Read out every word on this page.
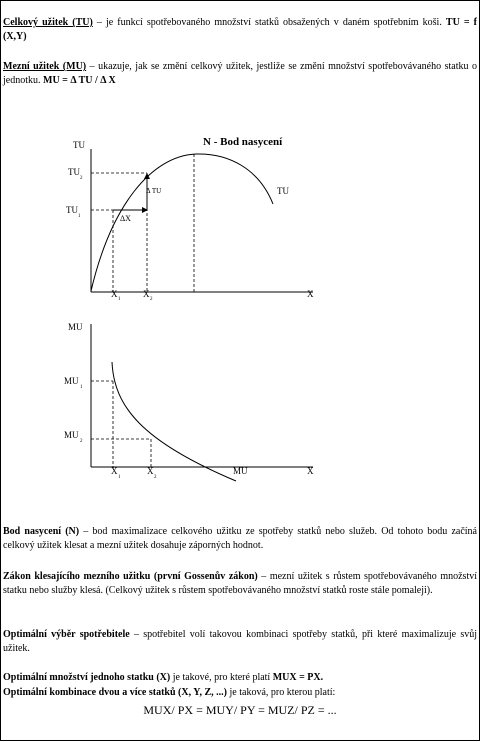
Celkový užitek (TU) – je funkcí spotřebovaného množství statků obsažených v daném spotřebním koši. TU = f (X,Y)
Mezní užitek (MU) – ukazuje, jak se změní celkový užitek, jestliže se změní množství spotřebovávaného statku o jednotku. MU = Δ TU / Δ X
N - Bod nasycení
TU
X
TU
TU
2
TU
1
X
1
X
2
Δ TU
ΔX
MU
X
MU
MU
1
MU
2
X
1
X
2
Bod nasycení (N) – bod maximalizace celkového užitku ze spotřeby statků nebo služeb. Od tohoto bodu začíná celkový užitek klesat a mezní užitek dosahuje záporných hodnot.
Zákon klesajícího mezního užitku (první Gossenův zákon) – mezní užitek s růstem spotřebovávaného množství statku nebo služby klesá. (Celkový užitek s růstem spotřebovávaného množství statků roste stále pomaleji).
Optimální výběr spotřebitele – spotřebitel volí takovou kombinaci spotřeby statků, při které maximalizuje svůj užitek.
Optimální množství jednoho statku (X) je takové, pro které platí MUX = PX.
Optimální kombinace dvou a více statků (X, Y, Z, ...) je taková, pro kterou platí:
MUX/ PX = MUY/ PY = MUZ/ PZ = ...
